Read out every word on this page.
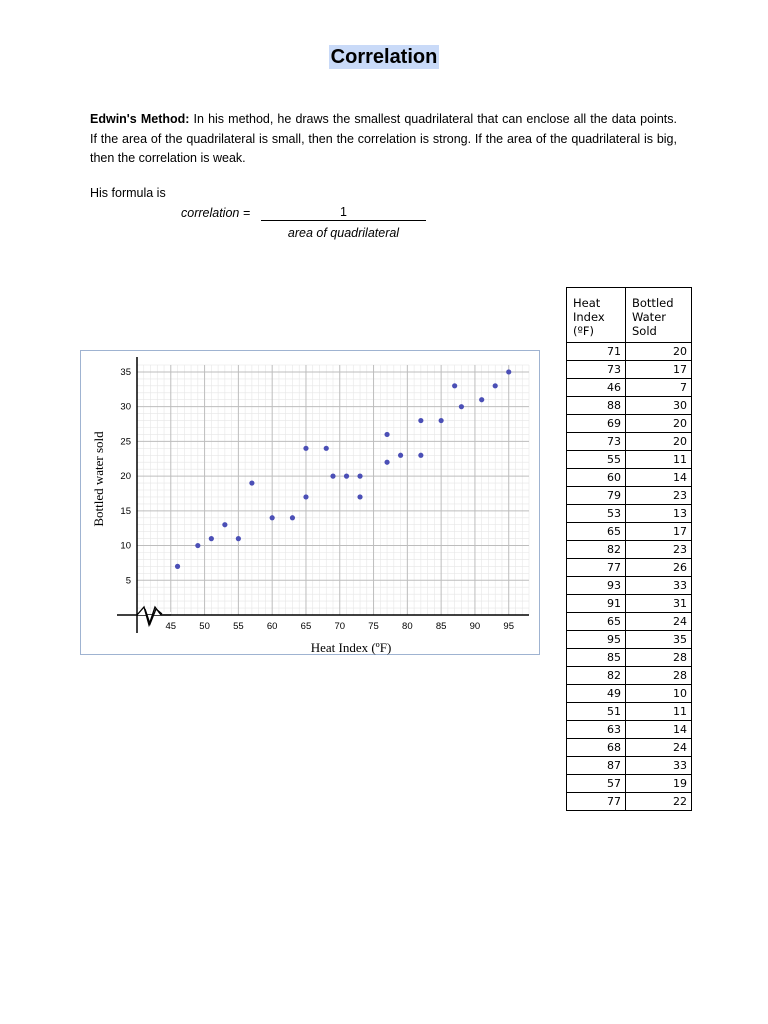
Correlation
Edwin's Method: In his method, he draws the smallest quadrilateral that can enclose all the data points. If the area of the quadrilateral is small, then the correlation is strong. If the area of the quadrilateral is big, then the correlation is weak.
His formula is
correlation =	1
area of quadrilateral
45 50 55 60 65 70 75 80 85 90 95
5
10
15
20
25
30
35
Heat Index (ºF)
Bottled water sold
Heat
Index
(ºF)	Bottled
Water
Sold
71	20
73	17
46	7
88	30
69	20
73	20
55	11
60	14
79	23
53	13
65	17
82	23
77	26
93	33
91	31
65	24
95	35
85	28
82	28
49	10
51	11
63	14
68	24
87	33
57	19
77	22
